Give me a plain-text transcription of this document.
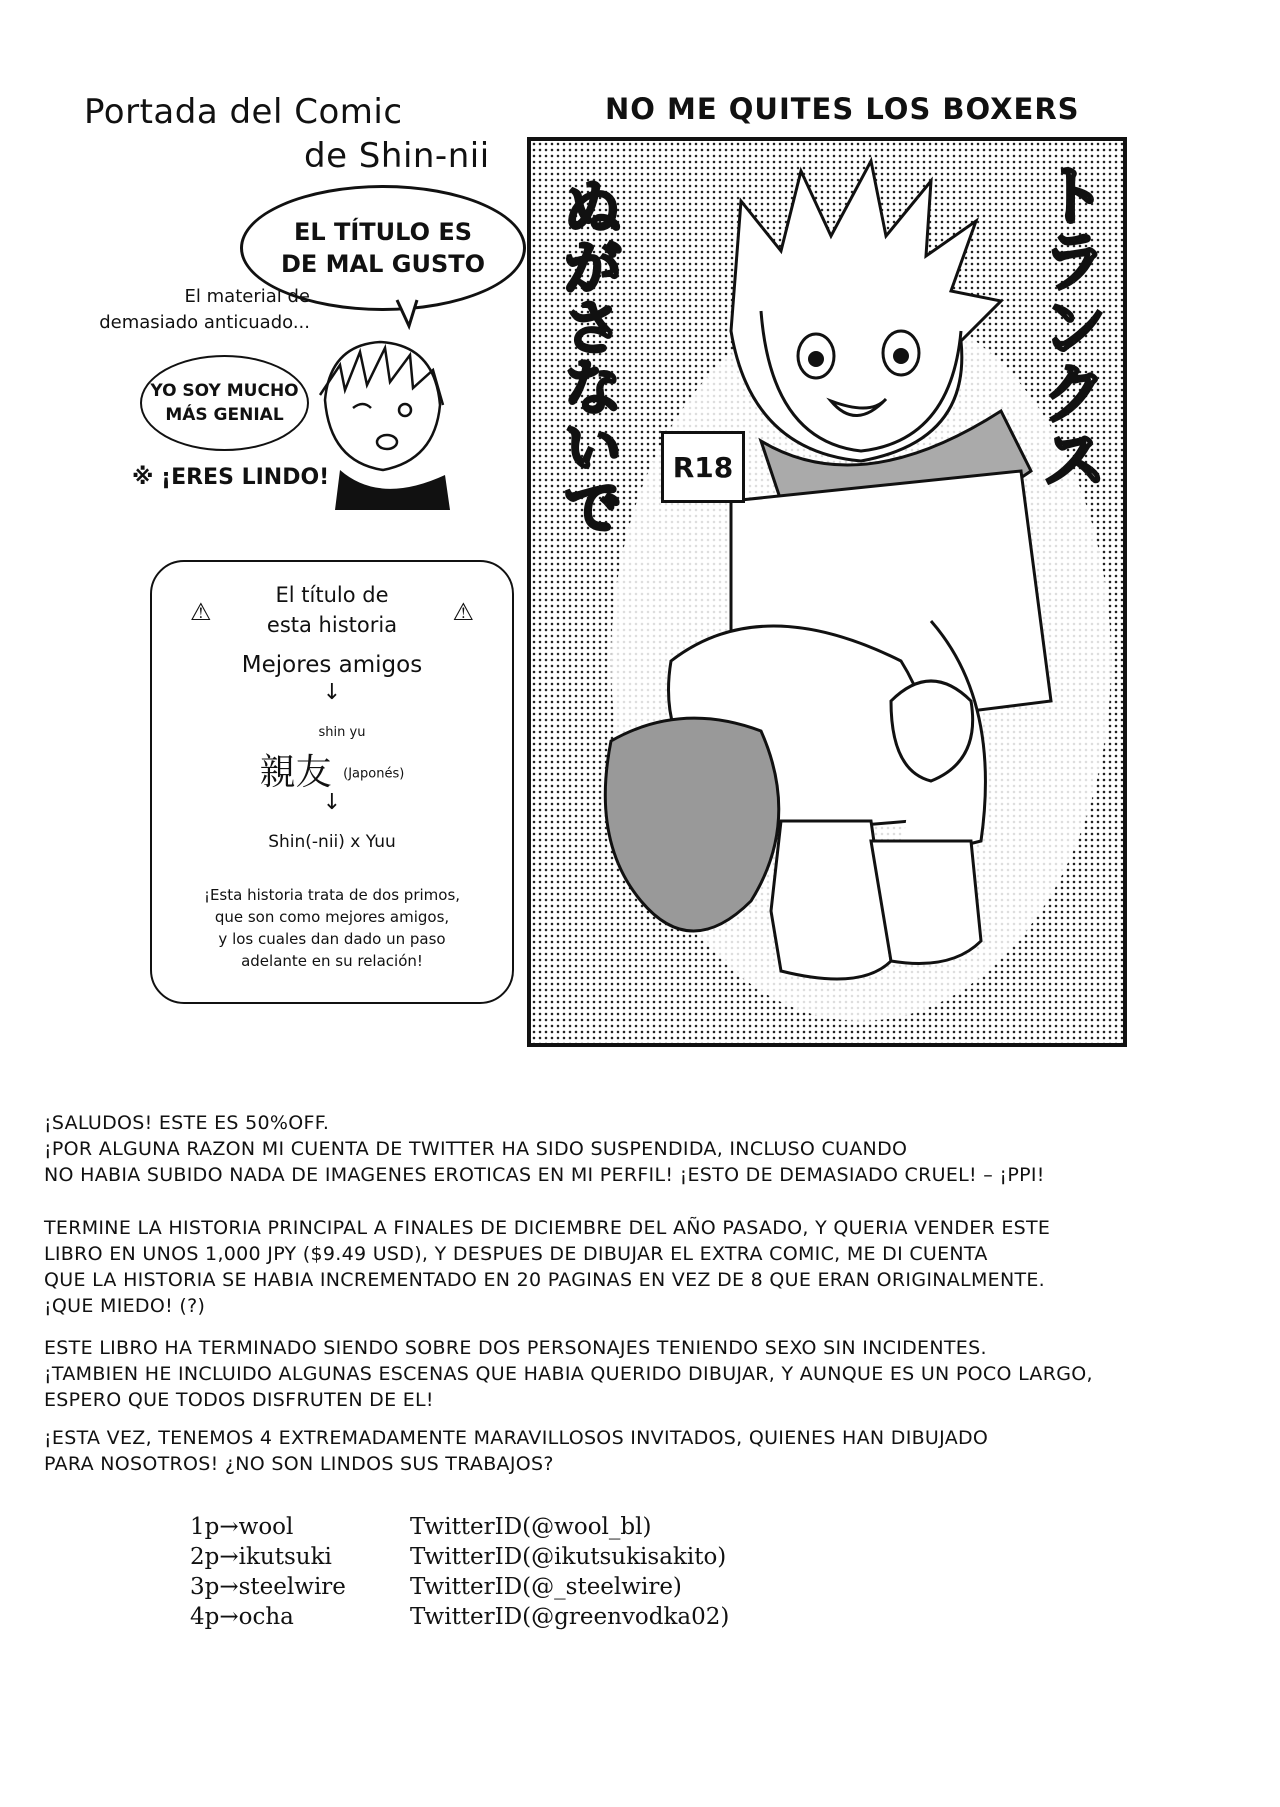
Portada del Comic
de Shin-nii
EL TÍTULO ES
DE MAL GUSTO
El material de
demasiado anticuado...
YO SOY MUCHO
MÁS GENIAL
※ ¡ERES LINDO!
⚠	⚠
El título de
esta historia
Mejores amigos
↓
shin yu
親友 (Japonés)
↓
Shin(-nii) x Yuu
¡Esta historia trata de dos primos,
que son como mejores amigos,
y los cuales dan dado un paso
adelante en su relación!
NO ME QUITES LOS BOXERS
トランクス
ぬがさないで	R18
¡SALUDOS! ESTE ES 50%OFF.
¡POR ALGUNA RAZON MI CUENTA DE TWITTER HA SIDO SUSPENDIDA, INCLUSO CUANDO
NO HABIA SUBIDO NADA DE IMAGENES EROTICAS EN MI PERFIL! ¡ESTO DE DEMASIADO CRUEL! – ¡PPI!
TERMINE LA HISTORIA PRINCIPAL A FINALES DE DICIEMBRE DEL AÑO PASADO, Y QUERIA VENDER ESTE
LIBRO EN UNOS 1,000 JPY ($9.49 USD), Y DESPUES DE DIBUJAR EL EXTRA COMIC, ME DI CUENTA
QUE LA HISTORIA SE HABIA INCREMENTADO EN 20 PAGINAS EN VEZ DE 8 QUE ERAN ORIGINALMENTE.
¡QUE MIEDO! (?)
ESTE LIBRO HA TERMINADO SIENDO SOBRE DOS PERSONAJES TENIENDO SEXO SIN INCIDENTES.
¡TAMBIEN HE INCLUIDO ALGUNAS ESCENAS QUE HABIA QUERIDO DIBUJAR, Y AUNQUE ES UN POCO LARGO,
ESPERO QUE TODOS DISFRUTEN DE EL!
¡ESTA VEZ, TENEMOS 4 EXTREMADAMENTE MARAVILLOSOS INVITADOS, QUIENES HAN DIBUJADO
PARA NOSOTROS! ¿NO SON LINDOS SUS TRABAJOS?
1p→wool	TwitterID(@wool_bl)
2p→ikutsuki	TwitterID(@ikutsukisakito)
3p→steelwire	TwitterID(@_steelwire)
4p→ocha	TwitterID(@greenvodka02)
